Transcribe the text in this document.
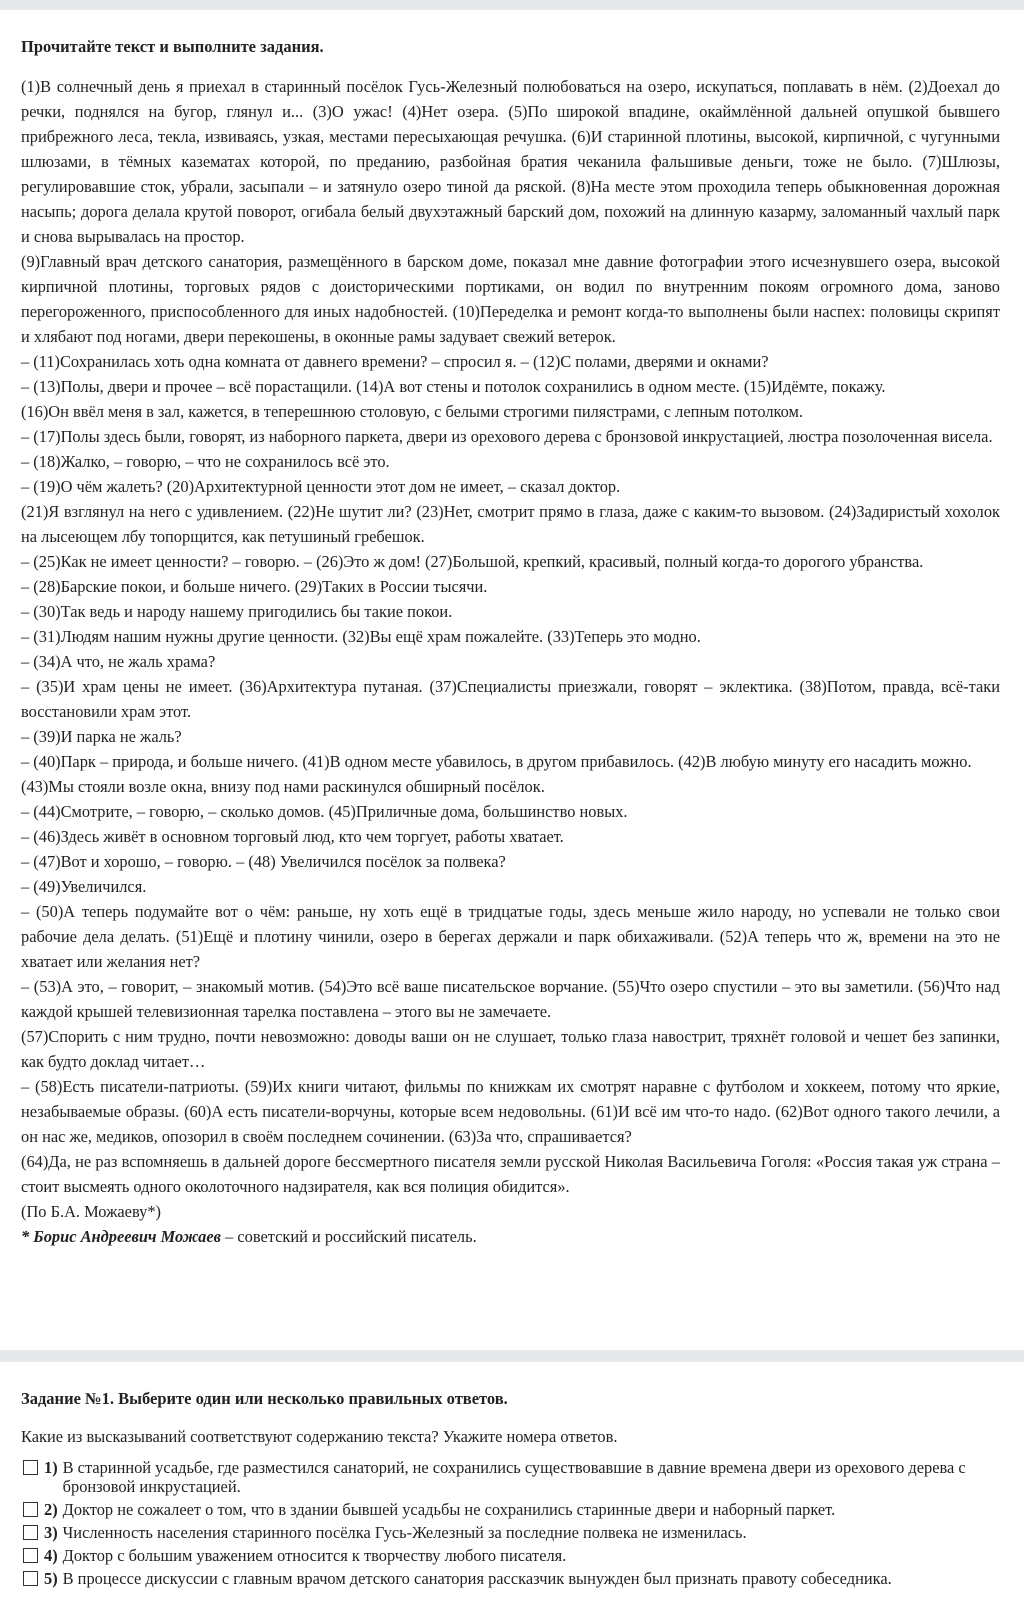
Прочитайте текст и выполните задания.

(1)В солнечный день я приехал в старинный посёлок Гусь-Железный полюбоваться на озеро, искупаться, поплавать в нём. (2)Доехал до речки, поднялся на бугор, глянул и... (3)О ужас! (4)Нет озера. (5)По широкой впадине, окаймлённой дальней опушкой бывшего прибрежного леса, текла, извиваясь, узкая, местами пересыхающая речушка. (6)И старинной плотины, высокой, кирпичной, с чугунными шлюзами, в тёмных казематах которой, по преданию, разбойная братия чеканила фальшивые деньги, тоже не было. (7)Шлюзы, регулировавшие сток, убрали, засыпали – и затянуло озеро тиной да ряской. (8)На месте этом проходила теперь обыкновенная дорожная насыпь; дорога делала крутой поворот, огибала белый двухэтажный барский дом, похожий на длинную казарму, заломанный чахлый парк и снова вырывалась на простор.

(9)Главный врач детского санатория, размещённого в барском доме, показал мне давние фотографии этого исчезнувшего озера, высокой кирпичной плотины, торговых рядов с доисторическими портиками, он водил по внутренним покоям огромного дома, заново перегороженного, приспособленного для иных надобностей. (10)Переделка и ремонт когда-то выполнены были наспех: половицы скрипят и хлябают под ногами, двери перекошены, в оконные рамы задувает свежий ветерок.

– (11)Сохранилась хоть одна комната от давнего времени? – спросил я. – (12)С полами, дверями и окнами?

– (13)Полы, двери и прочее – всё порастащили. (14)А вот стены и потолок сохранились в одном месте. (15)Идёмте, покажу.

(16)Он ввёл меня в зал, кажется, в теперешнюю столовую, с белыми строгими пилястрами, с лепным потолком.

– (17)Полы здесь были, говорят, из наборного паркета, двери из орехового дерева с бронзовой инкрустацией, люстра позолоченная висела.

– (18)Жалко, – говорю, – что не сохранилось всё это.

– (19)О чём жалеть? (20)Архитектурной ценности этот дом не имеет, – сказал доктор.

(21)Я взглянул на него с удивлением. (22)Не шутит ли? (23)Нет, смотрит прямо в глаза, даже с каким-то вызовом. (24)Задиристый хохолок на лысеющем лбу топорщится, как петушиный гребешок.

– (25)Как не имеет ценности? – говорю. – (26)Это ж дом! (27)Большой, крепкий, красивый, полный когда-то дорогого убранства.

– (28)Барские покои, и больше ничего. (29)Таких в России тысячи.

– (30)Так ведь и народу нашему пригодились бы такие покои.

– (31)Людям нашим нужны другие ценности. (32)Вы ещё храм пожалейте. (33)Теперь это модно.

– (34)А что, не жаль храма?

– (35)И храм цены не имеет. (36)Архитектура путаная. (37)Специалисты приезжали, говорят – эклектика. (38)Потом, правда, всё-таки восстановили храм этот.

– (39)И парка не жаль?

– (40)Парк – природа, и больше ничего. (41)В одном месте убавилось, в другом прибавилось. (42)В любую минуту его насадить можно.

(43)Мы стояли возле окна, внизу под нами раскинулся обширный посёлок.

– (44)Смотрите, – говорю, – сколько домов. (45)Приличные дома, большинство новых.

– (46)Здесь живёт в основном торговый люд, кто чем торгует, работы хватает.

– (47)Вот и хорошо, – говорю. – (48) Увеличился посёлок за полвека?

– (49)Увеличился.

– (50)А теперь подумайте вот о чём: раньше, ну хоть ещё в тридцатые годы, здесь меньше жило народу, но успевали не только свои рабочие дела делать. (51)Ещё и плотину чинили, озеро в берегах держали и парк обихаживали. (52)А теперь что ж, времени на это не хватает или желания нет?

– (53)А это, – говорит, – знакомый мотив. (54)Это всё ваше писательское ворчание. (55)Что озеро спустили – это вы заметили. (56)Что над каждой крышей телевизионная тарелка поставлена – этого вы не замечаете.

(57)Спорить с ним трудно, почти невозможно: доводы ваши он не слушает, только глаза навострит, тряхнёт головой и чешет без запинки, как будто доклад читает…

– (58)Есть писатели-патриоты. (59)Их книги читают, фильмы по книжкам их смотрят наравне с футболом и хоккеем, потому что яркие, незабываемые образы. (60)А есть писатели-ворчуны, которые всем недовольны. (61)И всё им что-то надо. (62)Вот одного такого лечили, а он нас же, медиков, опозорил в своём последнем сочинении. (63)За что, спрашивается?

(64)Да, не раз вспомняешь в дальней дороге бессмертного писателя земли русской Николая Васильевича Гоголя: «Россия такая уж страна – стоит высмеять одного околоточного надзирателя, как вся полиция обидится».

(По Б.А. Можаеву*)

* Борис Андреевич Можаев – советский и российский писатель.

Задание №1. Выберите один или несколько правильных ответов.
Какие из высказываний соответствуют содержанию текста? Укажите номера ответов.
1) В старинной усадьбе, где разместился санаторий, не сохранились существовавшие в давние времена двери из орехового дерева с бронзовой инкрустацией.
2) Доктор не сожалеет о том, что в здании бывшей усадьбы не сохранились старинные двери и наборный паркет.
3) Численность населения старинного посёлка Гусь-Железный за последние полвека не изменилась.
4) Доктор с большим уважением относится к творчеству любого писателя.
5) В процессе дискуссии с главным врачом детского санатория рассказчик вынужден был признать правоту собеседника.
